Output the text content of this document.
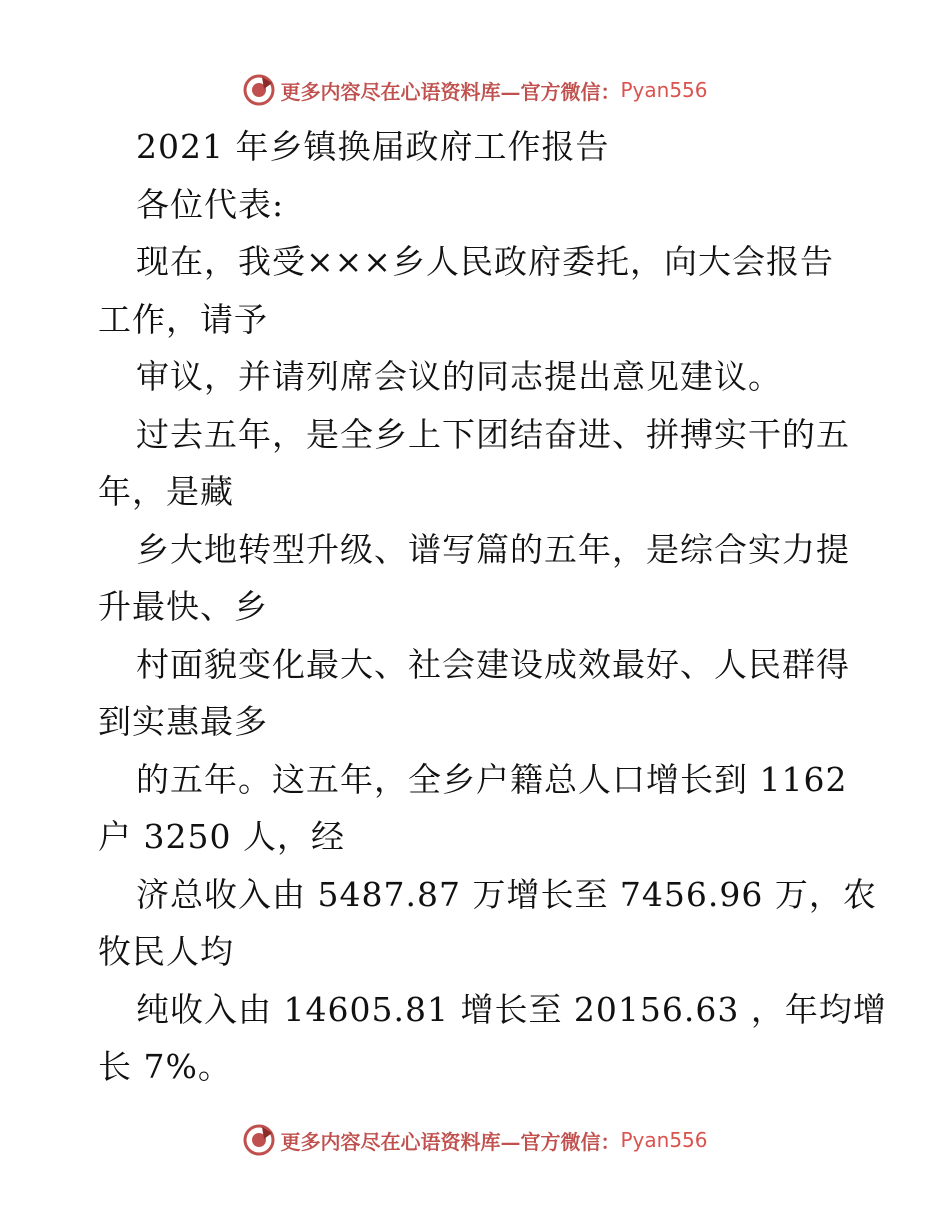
更多内容尽在心语资料库—官方微信： Pyan556
2021 年乡镇换届政府工作报告
各位代表:
现在，我受×××乡人民政府委托，向大会报告
工作，请予
审议，并请列席会议的同志提出意见建议。
过去五年，是全乡上下团结奋进、拼搏实干的五
年，是藏
乡大地转型升级、谱写篇的五年，是综合实力提
升最快、乡
村面貌变化最大、社会建设成效最好、人民群得
到实惠最多
的五年。这五年，全乡户籍总人口增长到 1162
户 3250 人，经
济总收入由 5487.87 万增长至 7456.96 万，农
牧民人均
纯收入由 14605.81 增长至 20156.63 ，年均增
长 7%。
更多内容尽在心语资料库—官方微信： Pyan556
